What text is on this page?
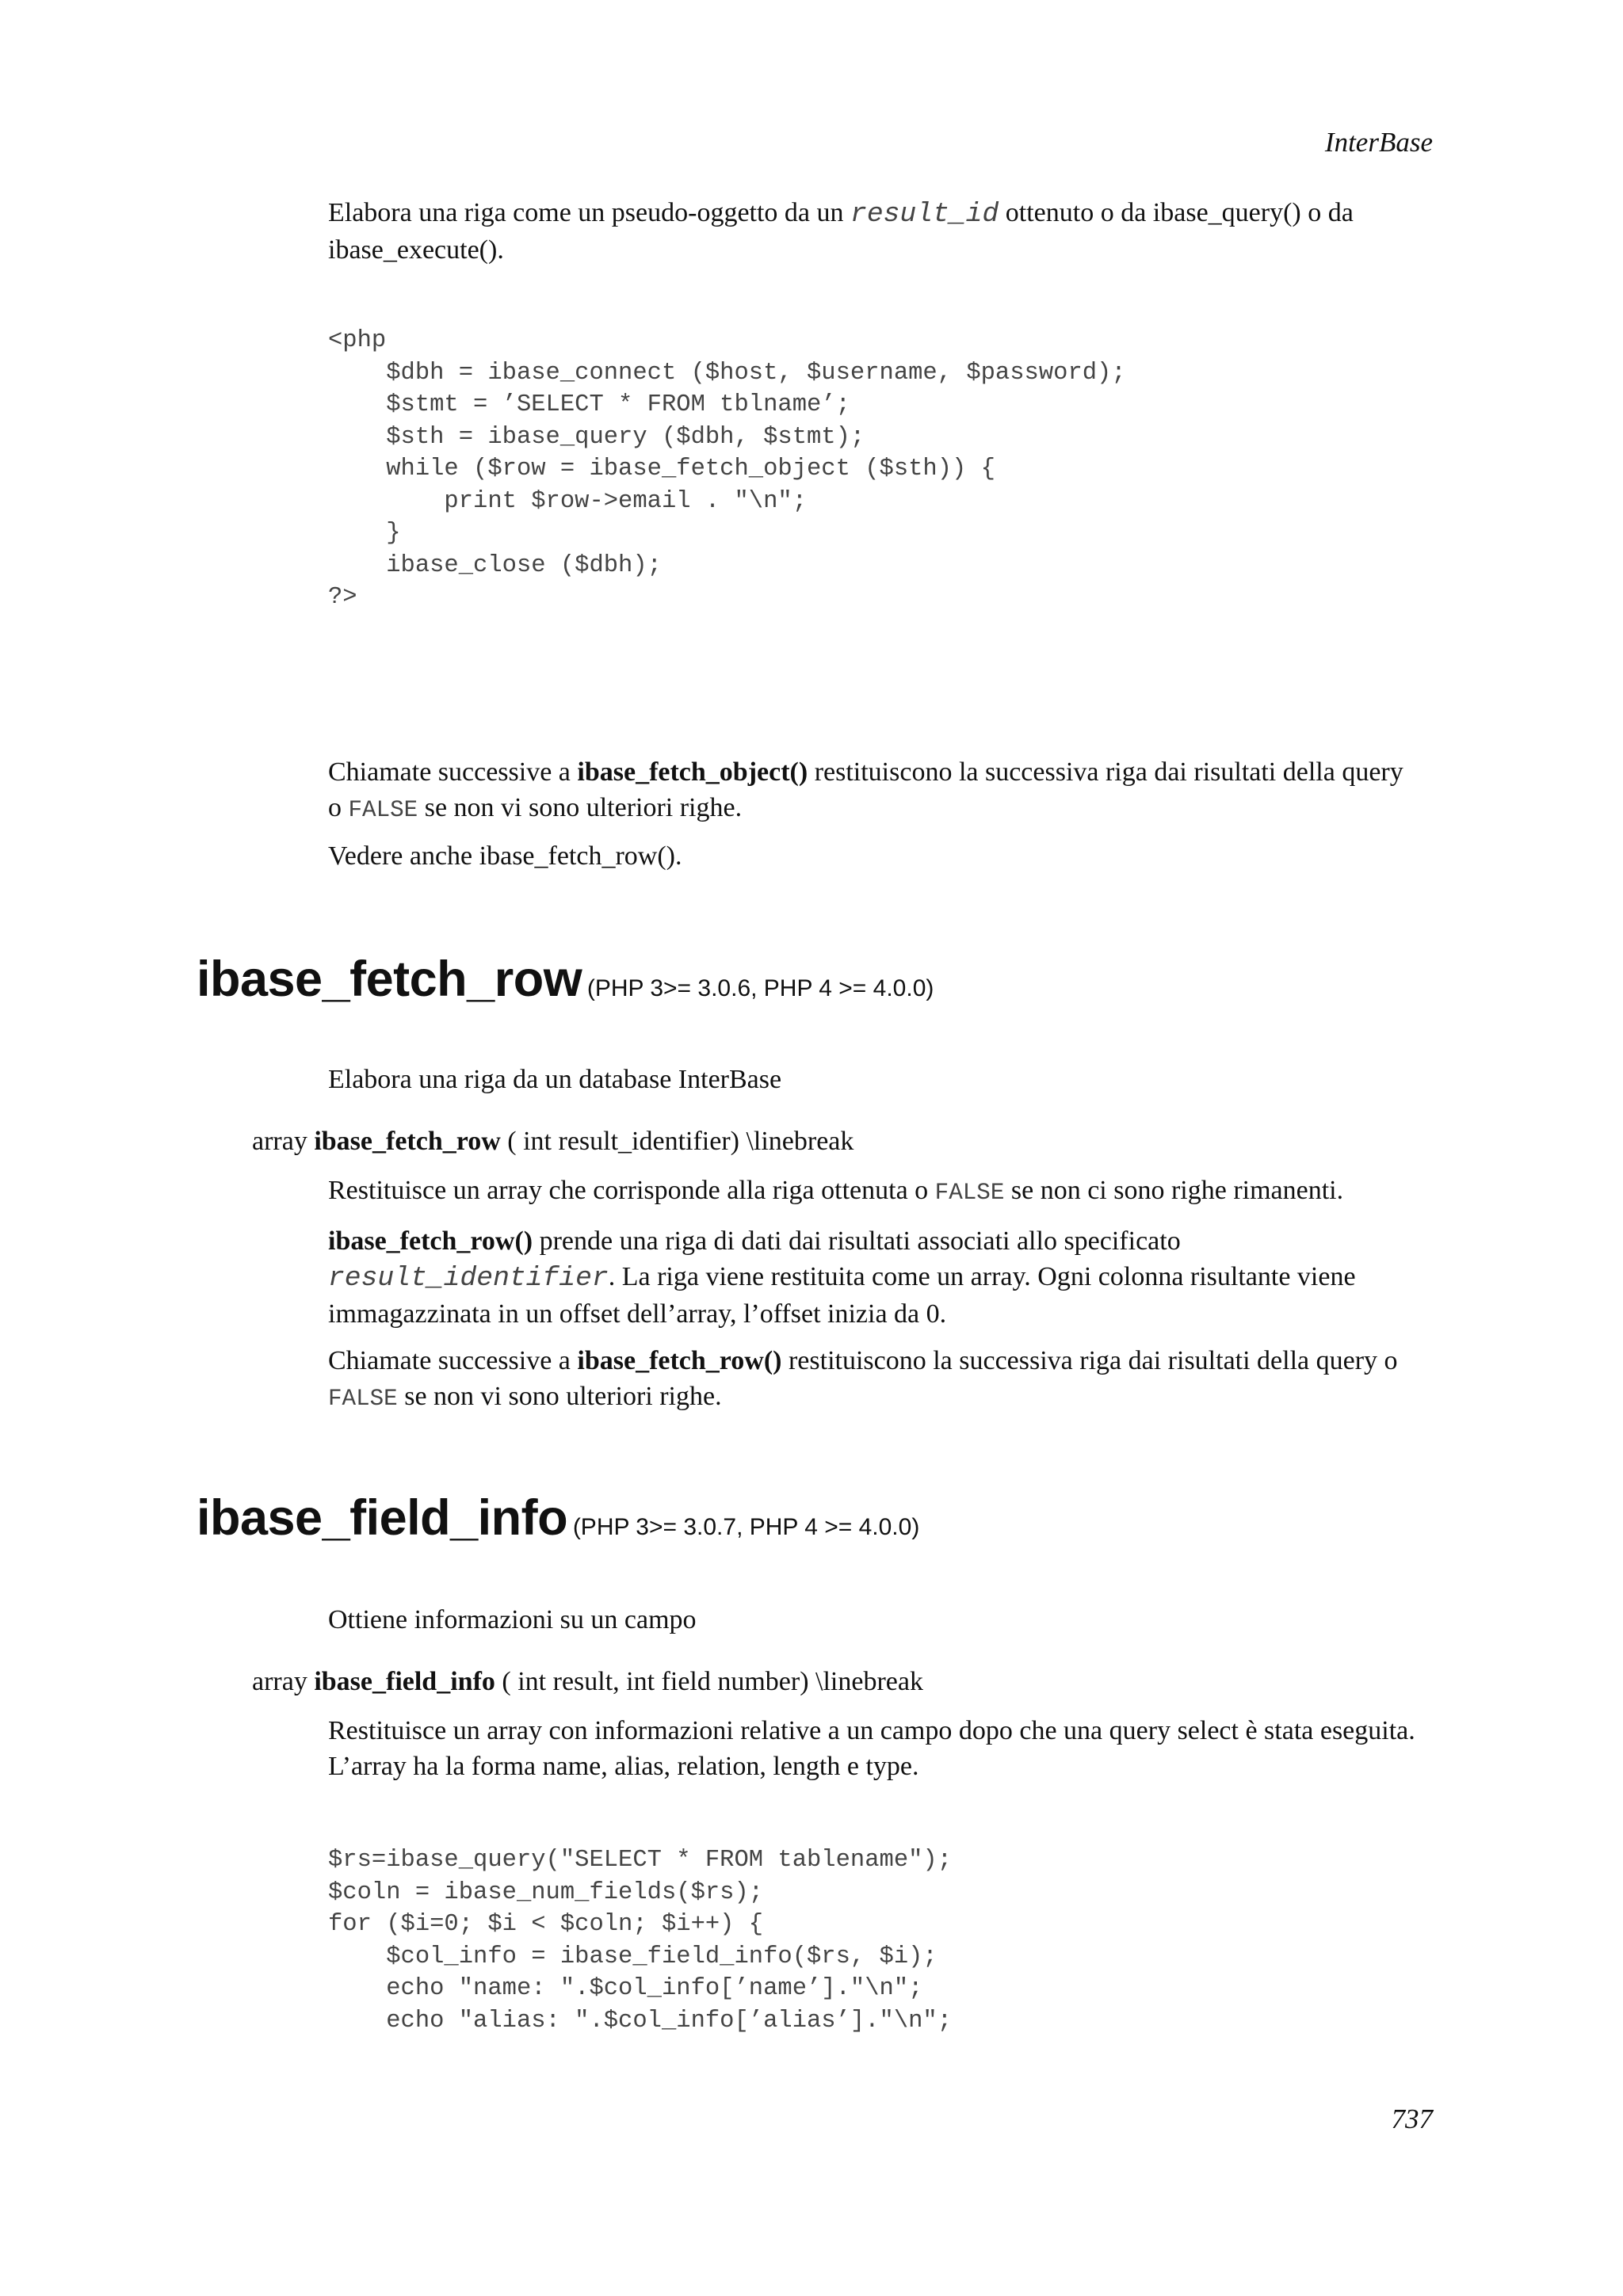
InterBase

Elabora una riga come un pseudo-oggetto da un result_id ottenuto o da ibase_query() o da
ibase_execute().

<php
$dbh = ibase_connect ($host, $username, $password);
$stmt = ’SELECT * FROM tblname’;
$sth = ibase_query ($dbh, $stmt);
while ($row = ibase_fetch_object ($sth)) {
print $row->email . "\n";
}
ibase_close ($dbh);
?>

Chiamate successive a ibase_fetch_object() restituiscono la successiva riga dai risultati della query
o FALSE se non vi sono ulteriori righe.

Vedere anche ibase_fetch_row().

ibase_fetch_row (PHP 3>= 3.0.6, PHP 4 >= 4.0.0)

Elabora una riga da un database InterBase

array ibase_fetch_row ( int result_identifier) \linebreak

Restituisce un array che corrisponde alla riga ottenuta o FALSE se non ci sono righe rimanenti.

ibase_fetch_row() prende una riga di dati dai risultati associati allo specificato
result_identifier. La riga viene restituita come un array. Ogni colonna risultante viene
immagazzinata in un offset dell’array, l’offset inizia da 0.

Chiamate successive a ibase_fetch_row() restituiscono la successiva riga dai risultati della query o
FALSE se non vi sono ulteriori righe.

ibase_field_info (PHP 3>= 3.0.7, PHP 4 >= 4.0.0)

Ottiene informazioni su un campo

array ibase_field_info ( int result, int field number) \linebreak

Restituisce un array con informazioni relative a un campo dopo che una query select è stata eseguita.
L’array ha la forma name, alias, relation, length e type.

$rs=ibase_query("SELECT * FROM tablename");
$coln = ibase_num_fields($rs);
for ($i=0; $i < $coln; $i++) {
$col_info = ibase_field_info($rs, $i);
echo "name: ".$col_info[’name’]."\n";
echo "alias: ".$col_info[’alias’]."\n";
737
